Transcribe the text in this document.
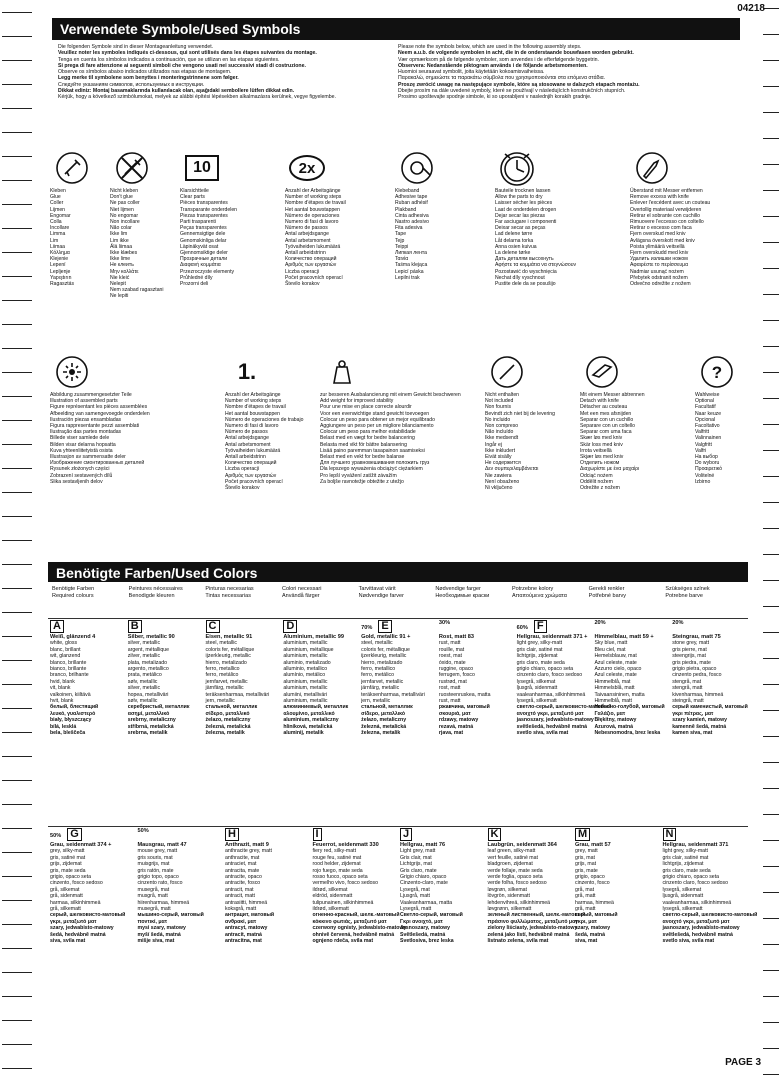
04218
Verwendete Symbole/Used Symbols
Die folgenden Symbole sind in dieser Montageanleitung verwendet.
Veuillez noter les symboles indiqués ci-dessous, qui sont utilisés dans les étapes suivantes du montage.
Tenga en cuenta los símbolos indicados a continuación, que se utilizan en las etapas siguientes.
Si prega di fare attenzione ai seguenti simboli che vengono usati nei successivi stadi di costruzione.
Observe os símbolos abaixo indicados utilizados nas etapas de montagem.
Legg merke til symbolene som benyttes i monteringstrinnene som følger.
Следуйте указаниям символов, используемых в инструкции.
Dikkat ediniz: Montaj basamaklarında kullanılacak olan, aşağıdaki sembollere lütfen dikkat edin.
Kérjük, hogy a következő szimbólumokat, melyek az alábbi építési lépésekben alkalmazásra kerülnek, vegye figyelembe.
Please note the symbols below, which are used in the following assembly steps.
Neem a.u.b. de volgende symbolen in acht, die in de onderstaande bouwfasen worden gebruikt.
Vær opmærksom på de følgende symboler, som anvendes i de efterfølgende byggetrin.
Observera: Nedanstående piktogram används i de följande arbetsmomenten.
Huomioi seuraavat symbolit, joita käytetään kokoamisvaiheissa.
Παρακαλώ, σημειώστε τα παρακάτω σύμβολα που χρησιμοποιούνται στα επόμενα στάδια.
Proszę zwrócić uwagę na następujące symbole, które są stosowane w dalszych etapach montażu.
Dbejte prosím na dále uvedené symboly, které se používají v následujících konstrukčních stupních.
Prosimo upoštevajte spodnje simbole, ki so uporabljeni v naslednjih korakih gradnje.
Kleben
Glue
Coller
Lijmen
Engomar
Colla
Incollare
Limma
Lim
Liimaa
Κόλλημα
Klejenie
Lepení
Lepljenje
Yapıştırın
Ragasztás
Nicht kleben
Don't glue
Ne pas coller
Niet lijmen
No engomar
Non incollare
Não colar
Ikke lim
Lim ikke
Älä liimaa
Ikke klæbes
Ikke lime
Не клеить
Μην κολλάτε
Nie kleić
Nelepit
Nem szabad ragasztani
Ne lepiti
10
Klarsichtteile
Clear parts
Pièces transparentes
Transparante onderdelen
Piezas transparentes
Parti trasparenti
Peças transparentes
Gennemsigtige dele
Genomskinliga delar
Läpinäkyvät osat
Gjennomsiktige deler
Прозрачные детали
Διαφανή κομμάτια
Przezroczyste elementy
Průhledné díly
Prozorni deli
2x
Anzahl der Arbeitsgänge
Number of working steps
Nombre d'étapes de travail
Het aantal bouwstappen
Número de operaciones
Numero di fasi di lavoro
Número de passos
Antal arbejdsgange
Antal arbetsmoment
Työvaiheiden lukumäärä
Antall arbeidstrinn
Количество операций
Αριθμός των εργασιών
Liczba operacji
Počet pracovních operací
Število korakov
Klebeband
Adhesive tape
Ruban adhésif
Plakband
Cinta adhesiva
Nastro adesivo
Fita adesiva
Tape
Tejp
Teippi
Липкая лента
Ταινία
Taśma klejąca
Lepicí páska
Lepilni trak
Bauteile trocknen lassen
Allow the parts to dry
Laisser sécher les pièces
Laat de onderdelen drogen
Dejar secar las piezas
Far asciugare i componenti
Deixar secar as peças
Lad delene tørre
Låt delarna torka
Anna osien kuivua
La delene tørke
Дать деталям высохнуть
Αφήστε τα κομμάτια να στεγνώσουν
Pozostawić do wyschnięcia
Nechat díly vyschnout
Pustite dele da se posušijo
Überstand mit Messer entfernen
Remove excess with knife
Enlever l'excédent avec un couteau
Overtollig materiaal verwijderen
Retirar el sobrante con cuchillo
Rimuovere l'eccesso con coltello
Retirar o excesso com faca
Fjern overskud med kniv
Avlägsna överskott med kniv
Poista ylimäärä veitsellä
Fjern overskudd med kniv
Удалить излишки ножом
Αφαιρέστε το περίσσευμα
Nadmiar usunąć nożem
Přebytek odstranit nožem
Odvečno odrežite z nožem
Abbildung zusammengesetzter Teile
Illustration of assembled parts
Figure représentant les pièces assemblées
Afbeelding van samengevoegde onderdelen
Ilustración piezas ensambladas
Figura rappresentante pezzi assemblati
Ilustração das partes montadas
Billede viser samlede dele
Bilden visar delarna hopsatta
Kuva yhteenliitetyistä osista
Illustrasjon av sammensatte deler
Изображение смонтированных деталей
Rysunek złożonych części
Zobrazení sestavených dílů
Slika sestavljenih delov
1.
Anzahl der Arbeitsgänge
Number of working steps
Nombre d'étapes de travail
Het aantal bouwstappen
Número de operaciones de trabajo
Numero di fasi di lavoro
Número de passos
Antal arbejdsgange
Antal arbetsmoment
Työvaiheiden lukumäärä
Antall arbeidstrinn
Количество операций
Liczba operacji
Αριθμός των εργασιών
Počet pracovních operací
Število korakov
zur besseren Ausbalancierung mit einem Gewicht beschweren
Add weight for improved stability
Pour une mise en place correcte alourdir
Voor een evenwichtige stand gewicht toevoegen
Colocar un peso para obtener un mejor equilibrado
Aggiungere un peso per un migliore bilanciamento
Colocar um peso para melhor estabilidade
Belast med en vægt for bedre balancering
Belasta med vikt för bättre balansering
Lisää paino paremman tasapainon saamiseksi
Belast med en vekt for bedre balanse
Для лучшего уравновешивания положить груз
Dla lepszego wyważenia obciążyć ciężarkiem
Pro lepší vyvážení zatížit závažím
Za boljše ravnotežje obtežite z utežjo
Nicht enthalten
Not included
Non fournis
Bevindt zich niet bij de levering
No incluido
Non compreso
Não incluído
Ikke medsendt
Ingår ej
Ikke inkludert
Eivät sisälly
Не содержится
Δεν συμπεριλαμβάνεται
Nie zawiera
Není obsaženo
Ni vključeno
Mit einem Messer abtrennen
Detach with knife
Détacher au couteau
Met een mes afsnijden
Separar con un cuchillo
Separare con un coltello
Separar com uma faca
Skær løs med kniv
Skär loss med kniv
Irrota veitsellä
Skjær løs med kniv
Отделить ножом
Διαχωρίστε με ένα μαχαίρι
Odciąć nożem
Oddělit nožem
Odrežite z nožem
?
Wahlweise
Optional
Facultatif
Naar keuze
Opcional
Facoltativo
Valfritt
Valinnainen
Valgfritt
Valfri
На выбор
Do wyboru
Προαιρετικό
Volitelné
Izbirno
Benötigte Farben/Used Colors
Benötigte Farben
Required colours
Peintures nécessaires
Benodigde kleuren
Pinturas necesarias
Tintas necessarias
Colori necessari
Användå färger
Tarvittavat värit
Nødvendige farver
Nødvendige farger
Необходимые краски
Potrzebne kolory
Απαιτούμενα χρώματα
Gerekli renkler
Potřebné barvy
Szükséges színek
Potrebne barve
A
Weiß, glänzend 4
white, gloss
blanc, brillant
wit, glanzend
blanco, brillante
bianco, brillante
branco, brilhante
hvid, blank
vit, blank
valkoinen, kiiltävä
hvit, blank
белый, блестящий
λευκό, γυαλιστερό
biały, błyszczący
bílá, lesklá
bela, bleščeča
B
Silber, metallic 90
silver, metallic
argent, métallique
zilver, metallic
plata, metalizado
argento, metallico
prata, metálico
sølv, metallic
silver, metallic
hopea, metalliväri
sølv, metallic
серебристый, металлик
ασημί, μεταλλικό
srebrny, metaliczny
stříbrná, metalická
srebrna, metalik
C
Eisen, metallic 91
steel, metallic
coloris fer, métallique
ijzerkleurig, metallic
hierro, metalizado
ferro, metallico
ferro, metálico
jernfarvet, metallic
järnfärg, metallic
teräksenharmaa, metalliväri
jern, metallic
стальной, металлик
σίδερο, μεταλλικό
żelazo, metaliczny
železná, metalická
železna, metalik
D
Aluminium, metallic 99
aluminium, metallic
aluminium, métallique
aluminium, metallic
aluminio, metalizado
alluminio, metallico
alumínio, metálico
aluminium, metallic
aluminium, metallic
alumiini, metalliväri
aluminium, metallic
алюминиевый, металлик
αλουμίνιο, μεταλλικό
aluminium, metaliczny
hliníková, metalická
aluminij, metalik
70% E
Gold, metallic 91 +
steel, metallic
coloris fer, métallique
ijzerkleurig, metallic
hierro, metalizado
ferro, metallico
ferro, metálico
jernfarvet, metallic
järnfärg, metallic
teräksenharmaa, metalliväri
jern, metallic
стальной, металлик
σίδερο, μεταλλικό
żelazo, metaliczny
železná, metalická
železna, metalik
30%
Rost, matt 83
rust, matt
rouille, mat
roest, mat
óxido, mate
ruggine, opaco
ferrugem, fosco
rustrød, mat
rost, matt
ruosteenruskea, matta
rust, matt
ржавчина, матовый
σκουριά, ματ
rdzawy, matowy
rezavá, matná
rjava, mat
60% F
Hellgrau, seidenmatt 371 +
light grey, silky-matt
gris clair, satiné mat
lichtgrijs, zijdemat
gris claro, mate seda
grigio chiaro, opaco seta
cinzento claro, fosco sedoso
lysegrå, silkemat
ljusgrå, sidenmatt
vaaleanharmaa, silkinhimmeä
lysegrå, silkematt
светло-серый, шелковисто-матовый
ανοιχτό γκρι, μεταξωτό ματ
jasnoszary, jedwabisto-matowy
světlešedá, hedvábně matná
svetlo siva, svila mat
20%
Himmelblau, matt 59 +
Sky blue, matt
Bleu ciel, mat
Hemelsblauw, mat
Azul celeste, mate
Azzurro cielo, opaco
Azul celeste, mate
Himmelblå, mat
Himmelsblå, matt
Taivaansininen, matta
Himmelblå, matt
Небесно-голубой, матовый
Γαλάζιο, ματ
Błękitny, matowy
Azurová, matná
Nebesnomodra, brez leska
20%
Steingrau, matt 75
stone grey, matt
gris pierre, mat
steengrijs, mat
gris piedra, mate
grigio pietra, opaco
cinzento pedra, fosco
stengrå, mat
stengrå, matt
kivenharmaa, himmeä
steingrå, matt
серый каменистый, матовый
γκρι πέτρας, ματ
szary kamień, matowy
kamenně šedá, matná
kamen siva, mat
50% G
Grau, seidenmatt 374 +
grey, silky-matt
gris, satiné mat
grijs, zijdemat
gris, mate seda
grigio, opaco seta
cinzento, fosco sedoso
grå, silkemat
grå, sidenmatt
harmaa, silkinhimmeä
grå, silkematt
серый, шелковисто-матовый
γκρι, μεταξωτό ματ
szary, jedwabisto-matowy
šedá, hedvábně matná
siva, svila mat
50%
Mausgrau, matt 47
mouse grey, matt
gris souris, mat
muisgrijs, mat
gris ratón, mate
grigio topo, opaco
cinzento rato, fosco
musegrå, mat
musgrå, matt
hiirenharmaa, himmeä
musegrå, matt
мышино-серый, матовый
ποντικί, ματ
mysi szary, matowy
myší šedá, matná
mišje siva, mat
H
Anthrazit, matt 9
anthracite grey, matt
anthracite, mat
antraciet, mat
antracita, mate
antracite, opaco
antracite, fosco
antracit, mat
antracit, matt
antrasiitti, himmeä
koksgrå, matt
антрацит, матовый
ανθρακί, ματ
antracyt, matowy
antracit, matná
antracitna, mat
I
Feuerrot, seidenmatt 330
fiery red, silky-matt
rouge feu, satiné mat
rood helder, zijdemat
rojo fuego, mate seda
rosso fuoco, opaco seta
vermelho vivo, fosco sedoso
ildrød, silkemat
eldröd, sidenmatt
tulipunainen, silkinhimmeä
ildrød, silkematt
огненно-красный, шелк.-матовый
κόκκινο φωτιάς, μεταξωτό ματ
czerwony ognisty, jedwabisto-matowy
ohnivě červená, hedvábně matná
ognjeno rdeča, svila mat
J
Hellgrau, matt 76
Light grey, matt
Gris clair, mat
Lichtgrijs, mat
Gris claro, mate
Grigio chiaro, opaco
Cinzento-claro, mate
Lysegrå, mat
Ljusgrå, matt
Vaaleanharmaa, matta
Lysegrå, matt
Светло-серый, матовый
Γκρι ανοιχτό, ματ
Jasnoszary, matowy
Světlešedá, matná
Svetlosiva, brez leska
K
Laubgrün, seidenmatt 364
leaf green, silky-matt
vert feuille, satiné mat
bladgroen, zijdemat
verde follaje, mate seda
verde foglia, opaco seta
verde folha, fosco sedoso
løvgrøn, silkemat
lövgrön, sidenmatt
lehdenvihreä, silkinhimmeä
løvgrønn, silkematt
зеленый лиственный, шелк.-матовый
πράσινο φυλλώματος, μεταξωτό ματ
zielony liściasty, jedwabisto-matowy
zelená jako listí, hedvábně matná
listnato zelena, svila mat
M
Grau, matt 57
grey, matt
gris, mat
grijs, mat
gris, mate
grigio, opaco
cinzento, fosco
grå, mat
grå, matt
harmaa, himmeä
grå, matt
серый, матовый
γκρι, ματ
szary, matowy
šedá, matná
siva, mat
N
Hellgrau, seidenmatt 371
light grey, silky-matt
gris clair, satiné mat
lichtgrijs, zijdemat
gris claro, mate seda
grigio chiaro, opaco seta
cinzento claro, fosco sedoso
lysegrå, silkemat
ljusgrå, sidenmatt
vaaleanharmaa, silkinhimmeä
lysegrå, silkematt
светло-серый, шелковисто-матовый
ανοιχτό γκρι, μεταξωτό ματ
jasnoszary, jedwabisto-matowy
světlešedá, hedvábně matná
svetlo siva, svila mat
PAGE 3
